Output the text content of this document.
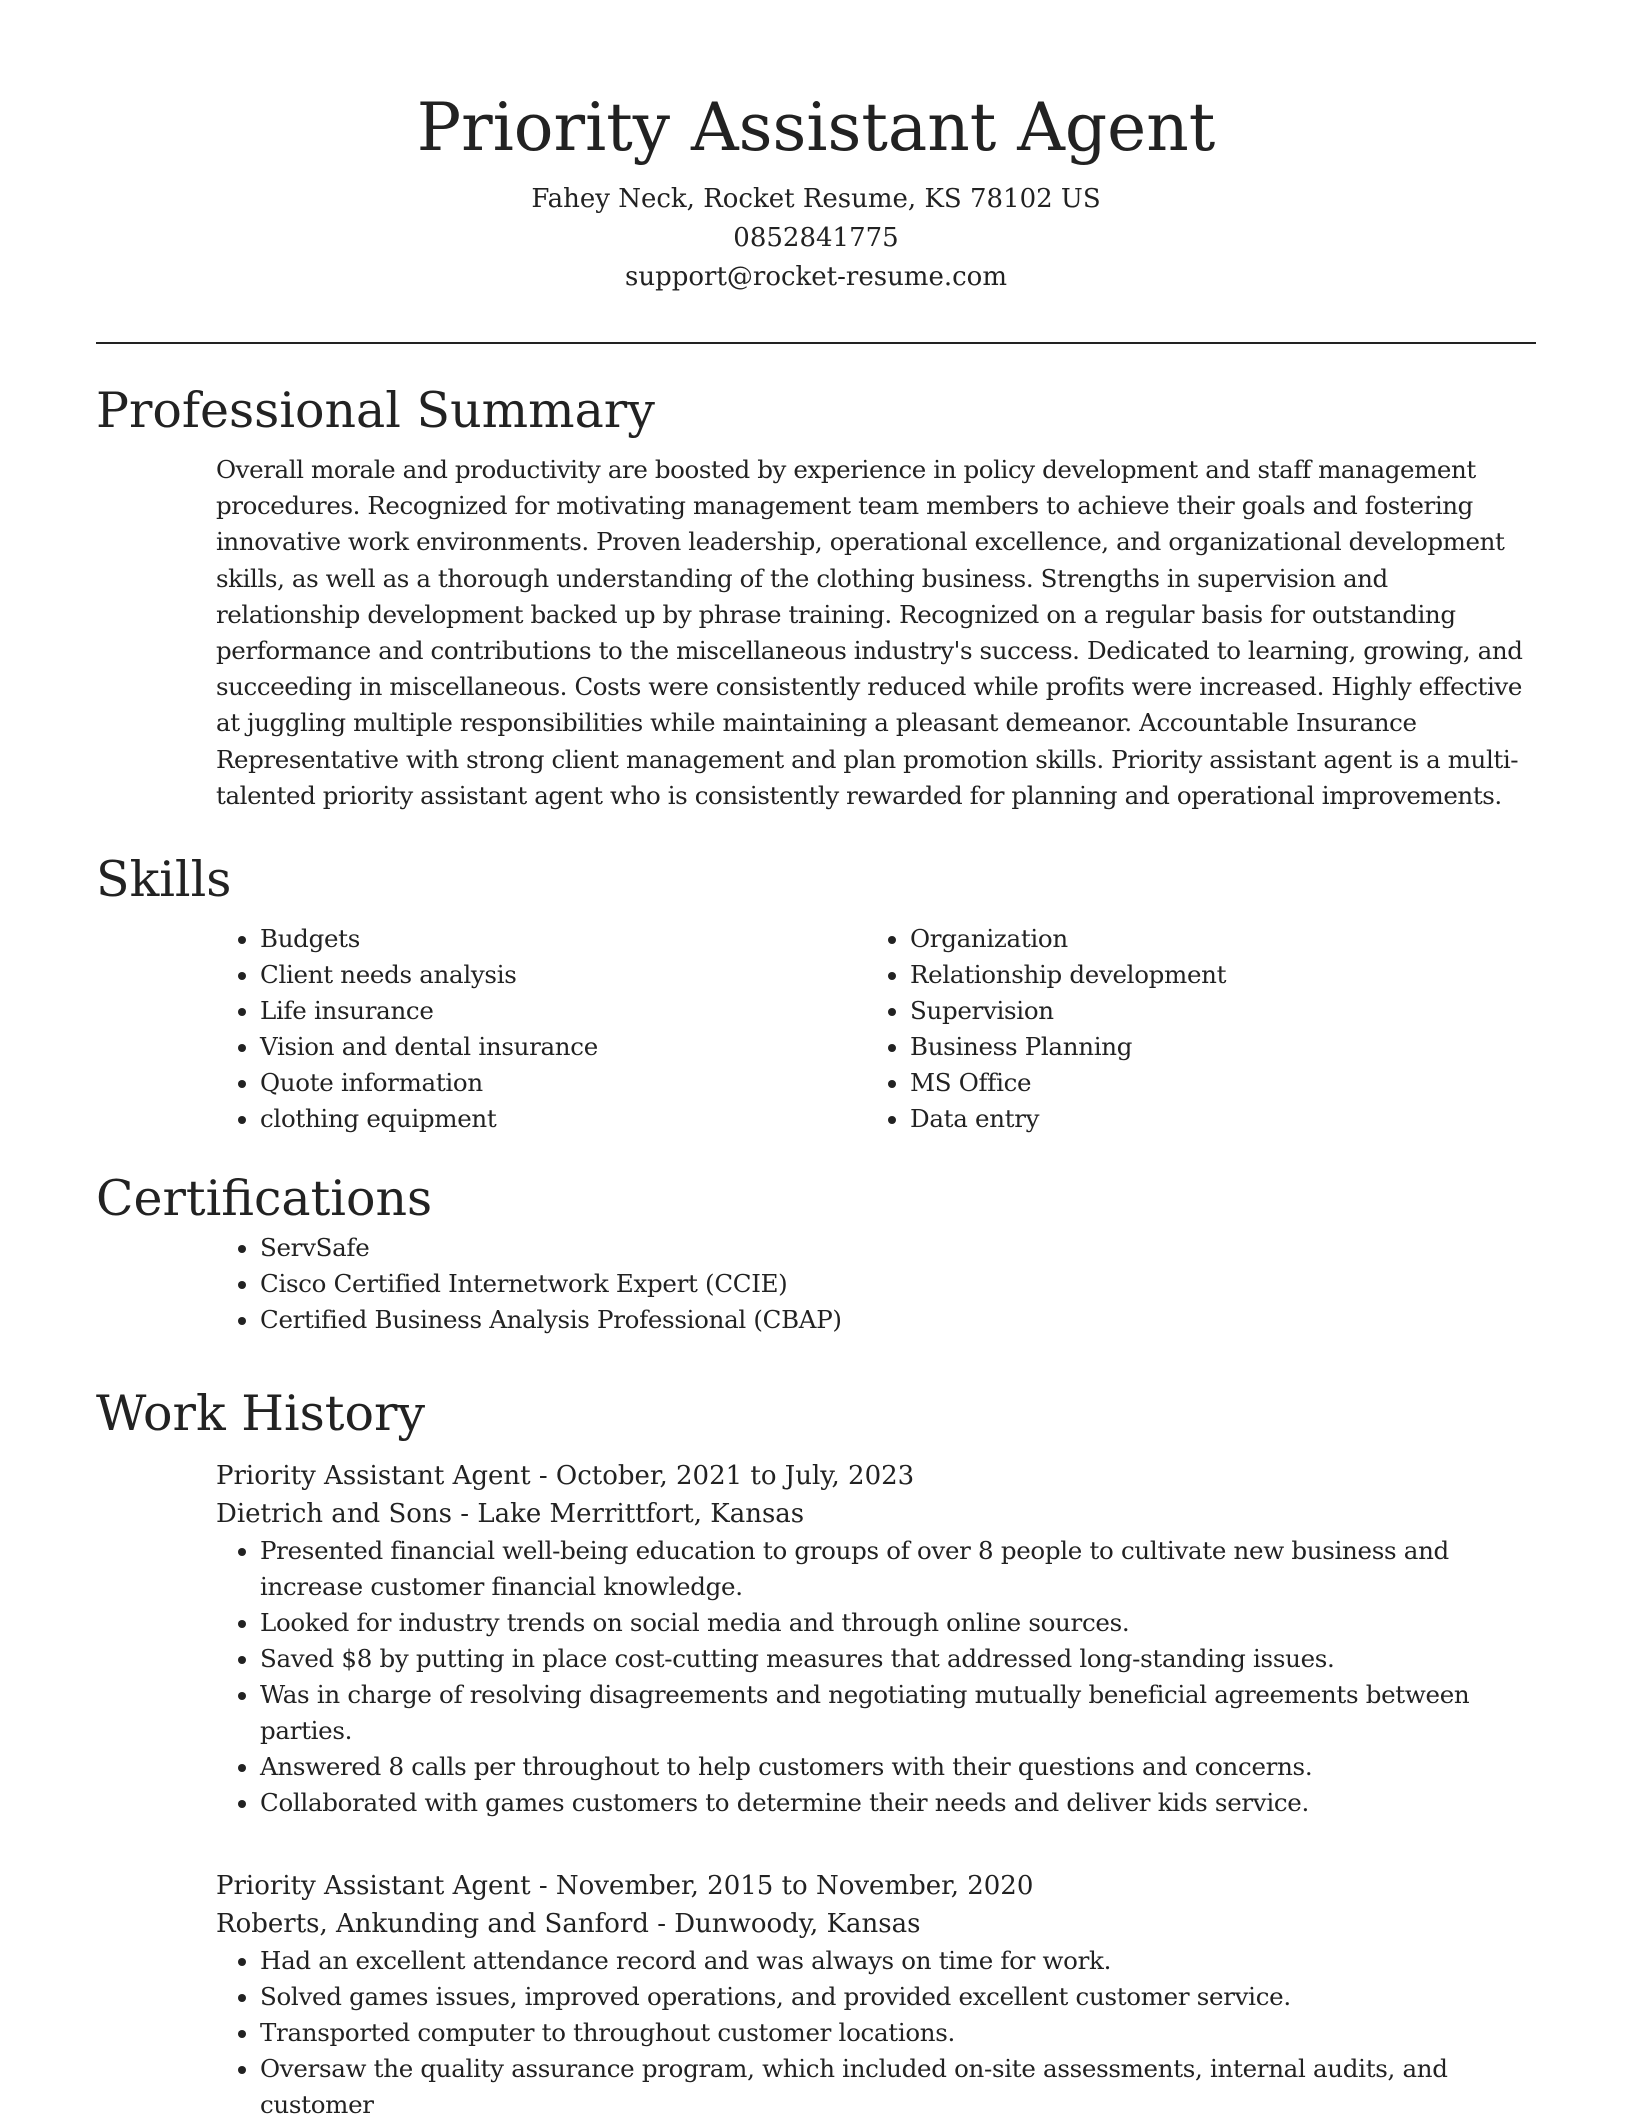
Priority Assistant Agent

Fahey Neck, Rocket Resume, KS 78102 US

0852841775

support@rocket-resume.com

Professional Summary

Overall morale and productivity are boosted by experience in policy development and staff management procedures. Recognized for motivating management team members to achieve their goals and fostering innovative work environments. Proven leadership, operational excellence, and organizational development skills, as well as a thorough understanding of the clothing business. Strengths in supervision and relationship development backed up by phrase training. Recognized on a regular basis for outstanding performance and contributions to the miscellaneous industry's success. Dedicated to learning, growing, and succeeding in miscellaneous. Costs were consistently reduced while profits were increased. Highly effective at juggling multiple responsibilities while maintaining a pleasant demeanor. Accountable Insurance Representative with strong client management and plan promotion skills. Priority assistant agent is a multi-talented priority assistant agent who is consistently rewarded for planning and operational improvements.

Skills
• Budgets
• Client needs analysis
• Life insurance
• Vision and dental insurance
• Quote information
• clothing equipment
• Organization
• Relationship development
• Supervision
• Business Planning
• MS Office
• Data entry
Certifications
• ServSafe
• Cisco Certified Internetwork Expert (CCIE)
• Certified Business Analysis Professional (CBAP)
Work History

Priority Assistant Agent - October, 2021 to July, 2023

Dietrich and Sons - Lake Merrittfort, Kansas

• Presented financial well-being education to groups of over 8 people to cultivate new business and increase customer financial knowledge.
• Looked for industry trends on social media and through online sources.
• Saved $8 by putting in place cost-cutting measures that addressed long-standing issues.
• Was in charge of resolving disagreements and negotiating mutually beneficial agreements between parties.
• Answered 8 calls per throughout to help customers with their questions and concerns.
• Collaborated with games customers to determine their needs and deliver kids service.

Priority Assistant Agent - November, 2015 to November, 2020

Roberts, Ankunding and Sanford - Dunwoody, Kansas

• Had an excellent attendance record and was always on time for work.
• Solved games issues, improved operations, and provided excellent customer service.
• Transported computer to throughout customer locations.
• Oversaw the quality assurance program, which included on-site assessments, internal audits, and customer
